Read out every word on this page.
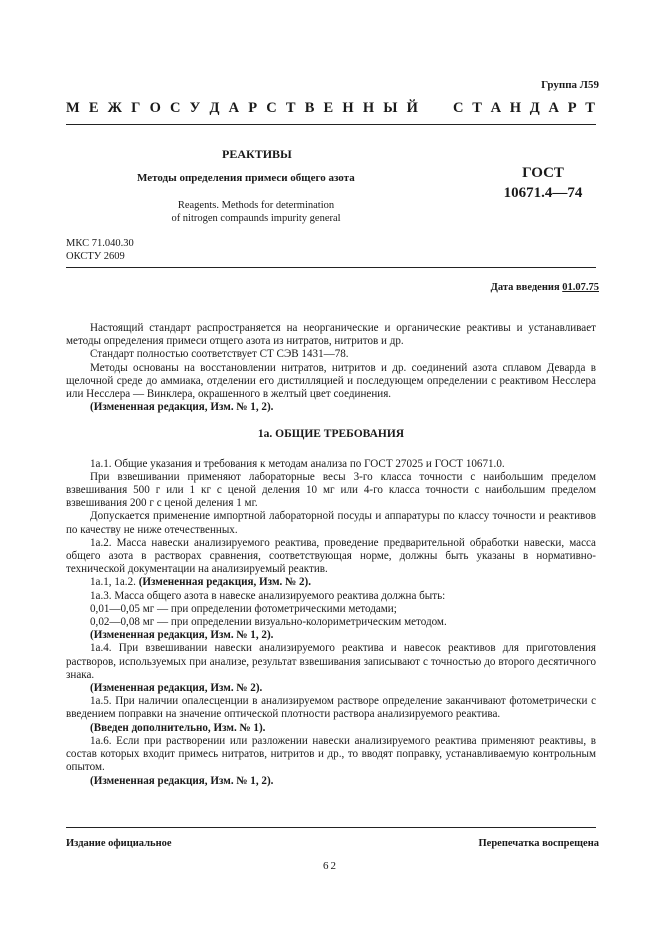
Группа Л59
М Е Ж Г О С У Д А Р С Т В Е Н Н Ы Й С Т А Н Д А Р Т
РЕАКТИВЫ
Методы определения примеси общего азота	ГОСТ
10671.4—74
Reagents. Methods for determination
of nitrogen compaunds impurity general
МКС 71.040.30
ОКСТУ 2609
Дата введения 01.07.75

Настоящий стандарт распространяется на неорганические и органические реактивы и устанавливает методы определения примеси отщего азота из нитратов, нитритов и др.

Стандарт полностью соответствует СТ СЭВ 1431—78.

Методы основаны на восстановлении нитратов, нитритов и др. соединений азота сплавом Деварда в щелочной среде до аммиака, отделении его дистилляцией и последующем определении с реактивом Несслера или Несслера — Винклера, окрашенного в желтый цвет соединения.

(Измененная редакция, Изм. № 1, 2).

1а. ОБЩИЕ ТРЕБОВАНИЯ

1а.1. Общие указания и требования к методам анализа по ГОСТ 27025 и ГОСТ 10671.0.

При взвешивании применяют лабораторные весы 3-го класса точности с наибольшим пределом взвешивания 500 г или 1 кг с ценой деления 10 мг или 4-го класса точности с наибольшим пределом взвешивания 200 г с ценой деления 1 мг.

Допускается применение импортной лабораторной посуды и аппаратуры по классу точности и реактивов по качеству не ниже отечественных.

1а.2. Масса навески анализируемого реактива, проведение предварительной обработки навески, масса общего азота в растворах сравнения, соответствующая норме, должны быть указаны в нормативно-технической документации на анализируемый реактив.

1а.1, 1а.2. (Измененная редакция, Изм. № 2).

1а.3. Масса общего азота в навеске анализируемого реактива должна быть:

0,01—0,05 мг — при определении фотометрическими методами;

0,02—0,08 мг — при определении визуально-колориметрическим методом.

(Измененная редакция, Изм. № 1, 2).

1а.4. При взвешивании навески анализируемого реактива и навесок реактивов для приготовления растворов, используемых при анализе, результат взвешивания записывают с точностью до второго десятичного знака.

(Измененная редакция, Изм. № 2).

1а.5. При наличии опалесценции в анализируемом растворе определение заканчивают фотометрически с введением поправки на значение оптической плотности раствора анализируемого реактива.

(Введен дополнительно, Изм. № 1).

1а.6. Если при растворении или разложении навески анализируемого реактива применяют реактивы, в состав которых входит примесь нитратов, нитритов и др., то вводят поправку, устанавливаемую контрольным опытом.

(Измененная редакция, Изм. № 1, 2).

Издание официальное	Перепечатка воспрещена
62
